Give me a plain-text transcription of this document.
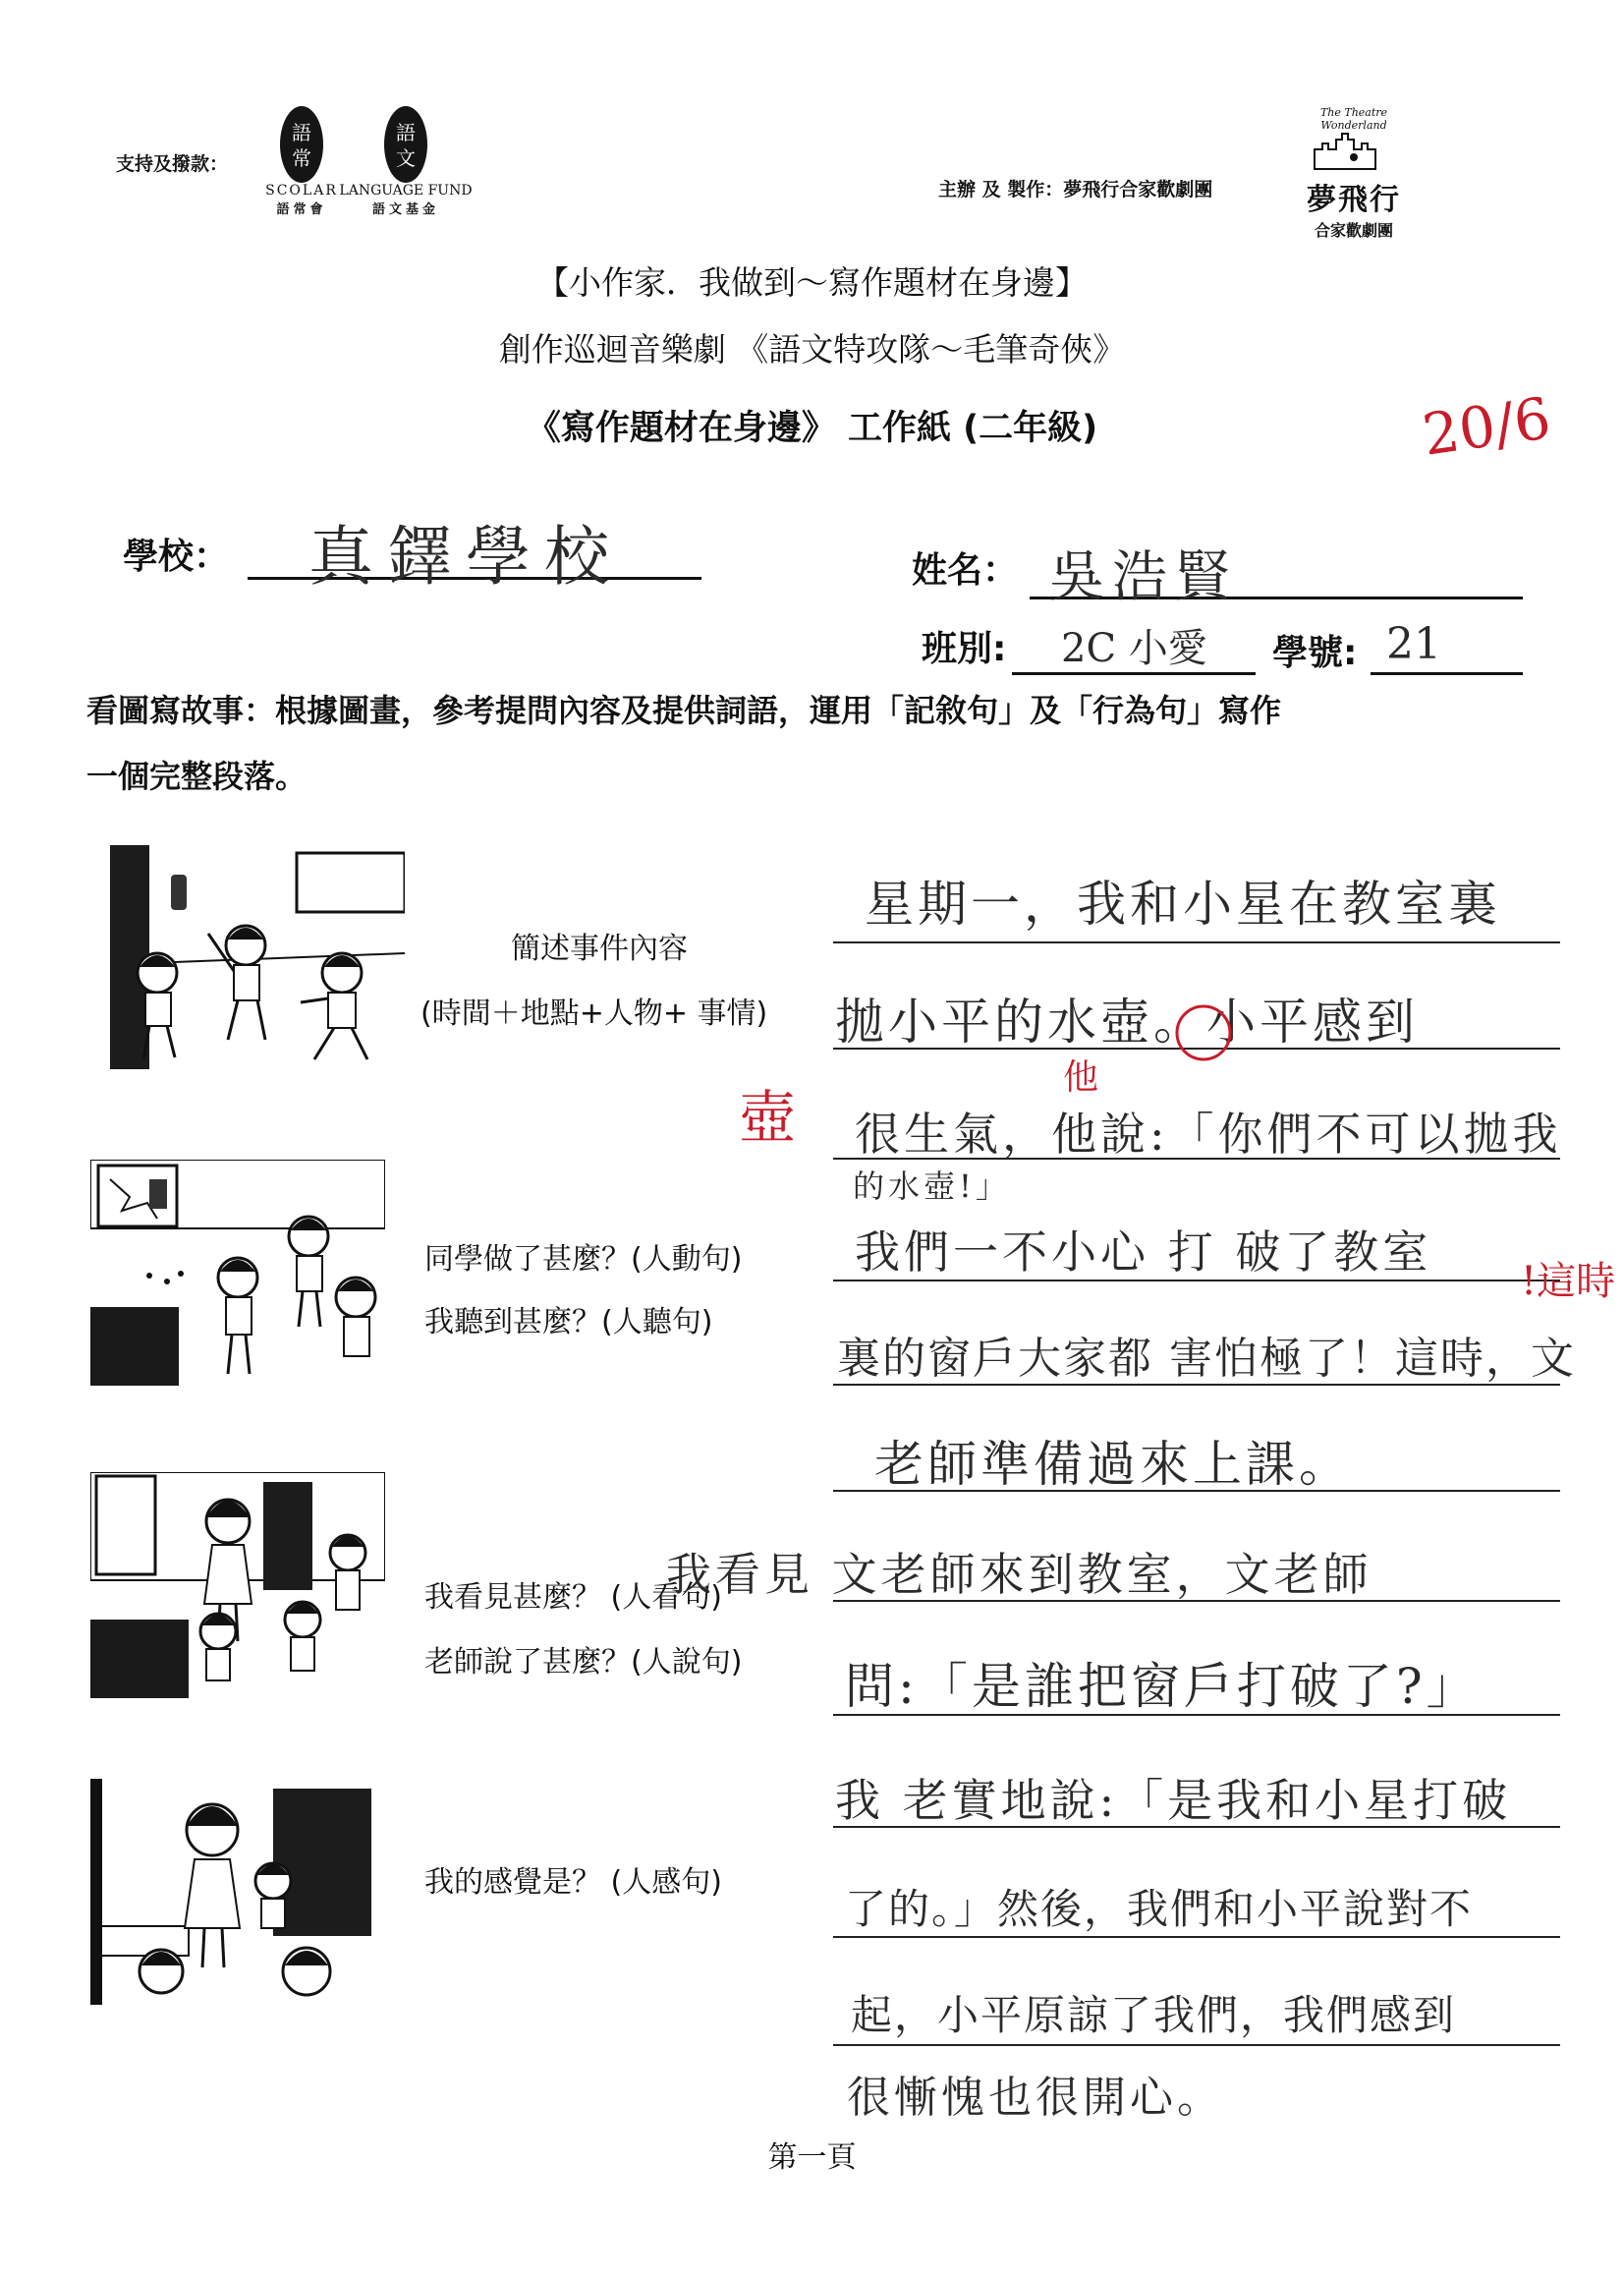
支持及撥款：
語
常
SCOLAR
語常會
語
文
LANGUAGE FUND
語文基金
主辦 及 製作：夢飛行合家歡劇團
The Theatre Wonderland
夢飛行
合家歡劇團
【小作家．我做到～寫作題材在身邊】
創作巡迴音樂劇 《語文特攻隊～毛筆奇俠》
《寫作題材在身邊》 工作紙 (二年級)	20/6
學校： 真鐸學校	姓名： 吳浩賢
班別: 2C 小愛 學號: 21
看圖寫故事：根據圖畫，參考提問內容及提供詞語，運用「記敘句」及「行為句」寫作
一個完整段落。
簡述事件內容
(時間＋地點+人物+ 事情)
同學做了甚麼？(人動句)
我聽到甚麼？(人聽句)
我看見甚麼？ (人看句)
老師說了甚麼？(人說句)
我的感覺是？ (人感句)
星期一，我和小星在教室裏
拋小平的水壺。小平感到
很生氣，他說:「你們不可以拋我
的水壺!」
我們一不小心 打 破了教室
裏的窗戶大家都 害怕極了！這時，文
老師準備過來上課。
我看見 文老師來到教室，文老師
問:「是誰把窗戶打破了?」
我 老實地說:「是我和小星打破
了的。」然後，我們和小平說對不
起，小平原諒了我們，我們感到
很慚愧也很開心。
壺
他
!這時
第一頁
